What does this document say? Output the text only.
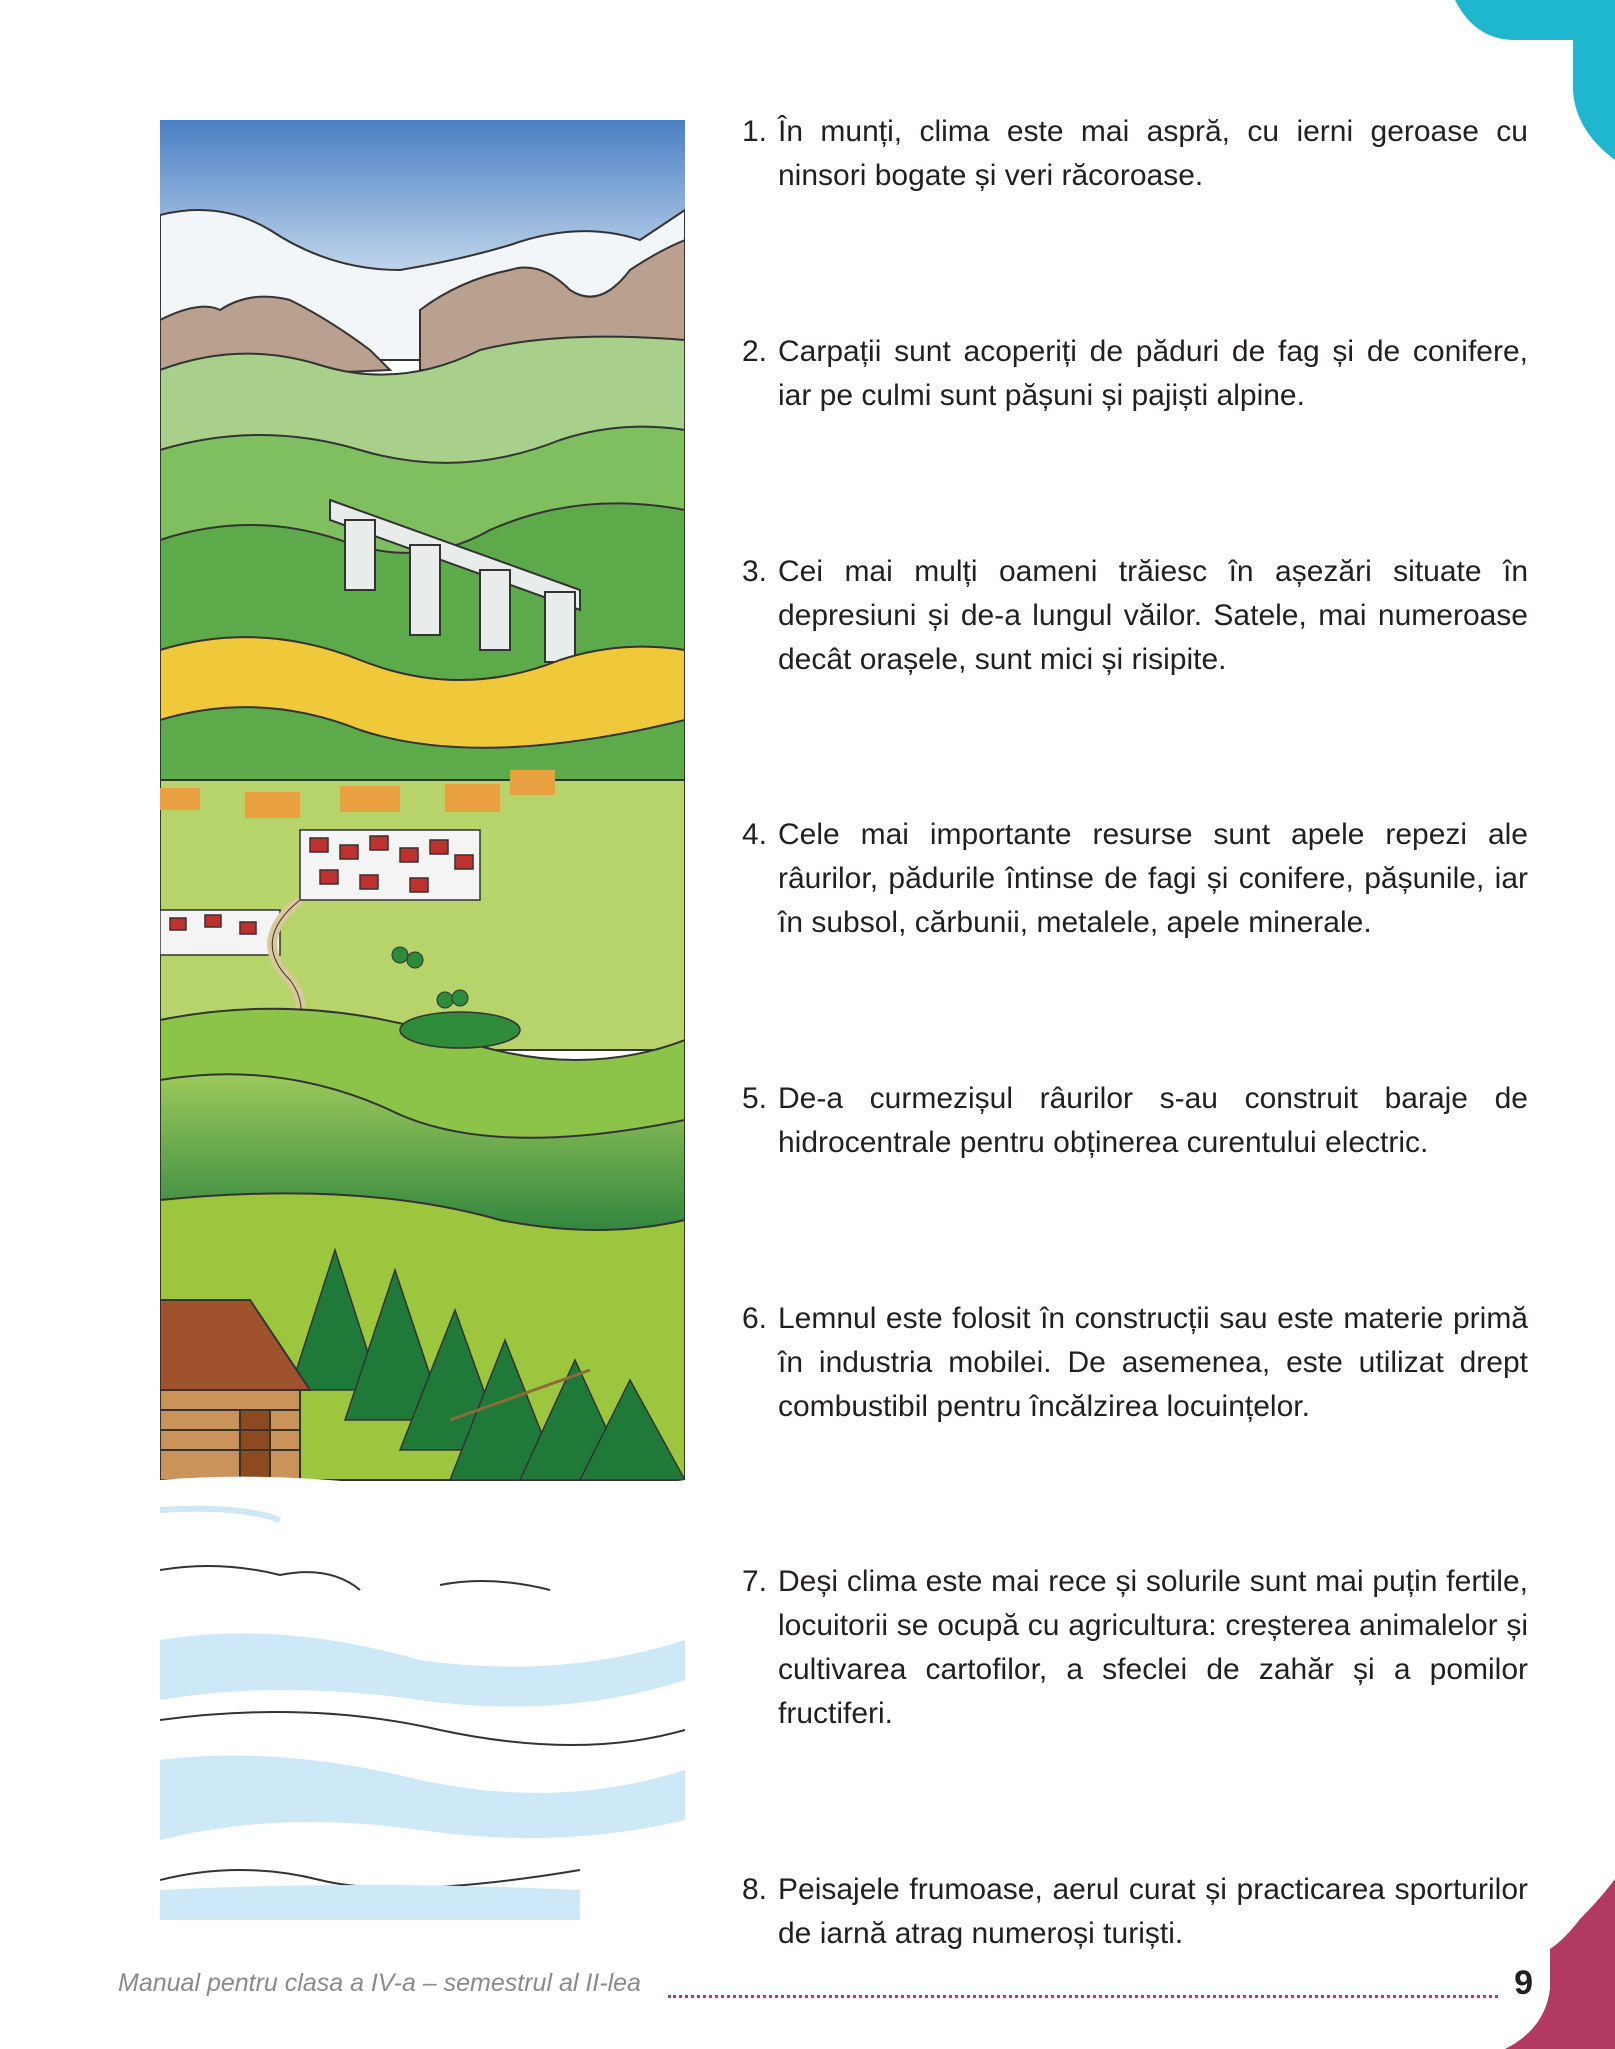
1. În munți, clima este mai aspră, cu ierni geroase cu ninsori bogate și veri răcoroase.
2. Carpații sunt acoperiți de păduri de fag și de conifere, iar pe culmi sunt pășuni și pajiști alpine.
3. Cei mai mulți oameni trăiesc în așezări situate în depresiuni și de-a lungul văilor. Satele, mai numeroase decât orașele, sunt mici și risipite.
4. Cele mai importante resurse sunt apele repezi ale râurilor, pădurile întinse de fagi și conifere, pășunile, iar în subsol, cărbunii, metalele, apele minerale.
5. De-a curmezișul râurilor s-au construit baraje de hidrocentrale pentru obținerea curentului electric.
6. Lemnul este folosit în construcții sau este materie primă în industria mobilei. De asemenea, este utilizat drept combustibil pentru încălzirea locuințelor.
7. Deși clima este mai rece și solurile sunt mai puțin fertile, locuitorii se ocupă cu agricultura: creșterea animalelor și cultivarea cartofilor, a sfeclei de zahăr și a pomilor fructiferi.
8. Peisajele frumoase, aerul curat și practicarea sporturilor de iarnă atrag numeroși turiști.
Manual pentru clasa a IV-a – semestrul al II-lea	9
